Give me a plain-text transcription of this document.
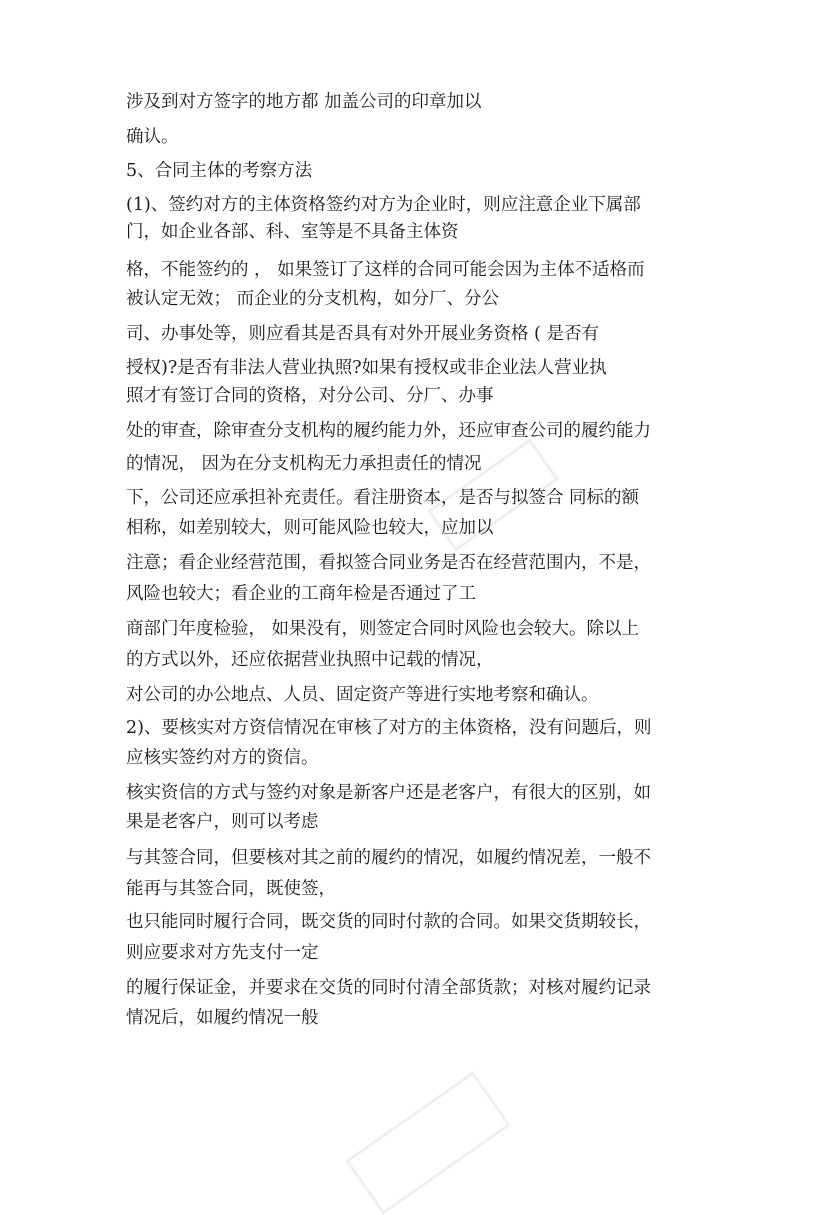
涉及到对方签字的地方都 加盖公司的印章加以
确认。
5、合同主体的考察方法
(1)、签约对方的主体资格签约对方为企业时，则应注意企业下属部
门，如企业各部、科、室等是不具备主体资
格，不能签约的 ， 如果签订了这样的合同可能会因为主体不适格而
被认定无效； 而企业的分支机构，如分厂、分公
司、办事处等，则应看其是否具有对外开展业务资格 ( 是否有
授权)?是否有非法人营业执照?如果有授权或非企业法人营业执
照才有签订合同的资格，对分公司、分厂、办事
处的审查，除审查分支机构的履约能力外，还应审查公司的履约能力
的情况， 因为在分支机构无力承担责任的情况
下，公司还应承担补充责任。看注册资本，是否与拟签合 同标的额
相称，如差别较大，则可能风险也较大，应加以
注意；看企业经营范围，看拟签合同业务是否在经营范围内，不是，
风险也较大；看企业的工商年检是否通过了工
商部门年度检验， 如果没有，则签定合同时风险也会较大。除以上
的方式以外，还应依据营业执照中记载的情况，
对公司的办公地点、人员、固定资产等进行实地考察和确认。
2)、要核实对方资信情况在审核了对方的主体资格，没有问题后，则
应核实签约对方的资信。
核实资信的方式与签约对象是新客户还是老客户，有很大的区别，如
果是老客户，则可以考虑
与其签合同，但要核对其之前的履约的情况，如履约情况差，一般不
能再与其签合同，既使签，
也只能同时履行合同，既交货的同时付款的合同。如果交货期较长，
则应要求对方先支付一定
的履行保证金，并要求在交货的同时付清全部货款；对核对履约记录
情况后，如履约情况一般
